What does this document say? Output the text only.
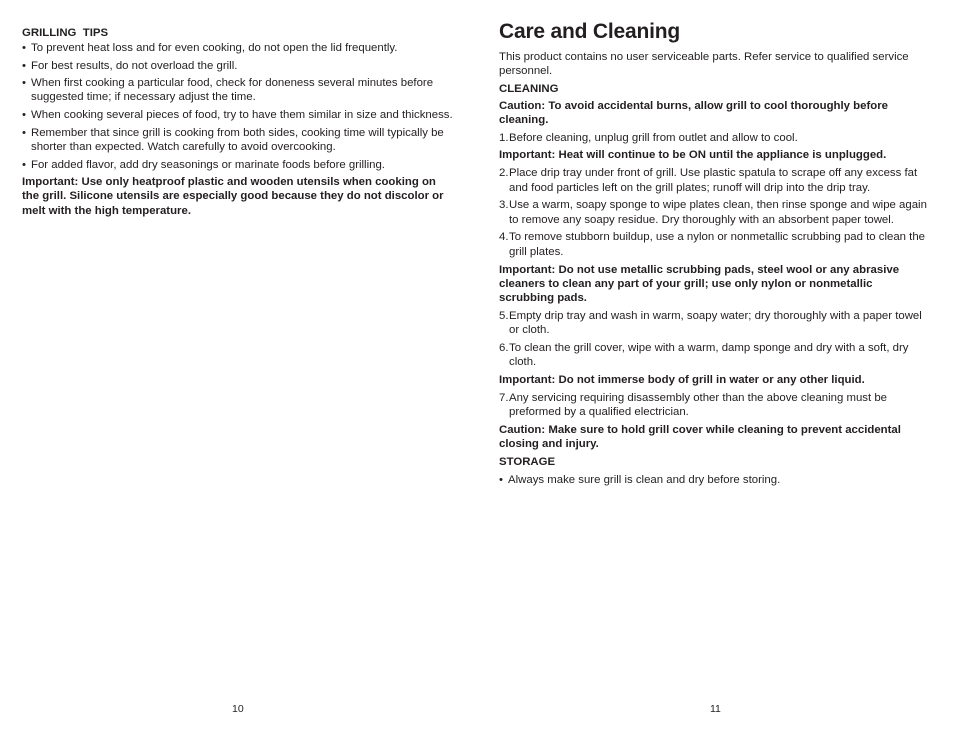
GRILLING  TIPS

• To prevent heat loss and for even cooking, do not open the lid frequently.
• For best results, do not overload the grill.
• When first cooking a particular food, check for doneness several minutes before suggested time; if necessary adjust the time.
• When cooking several pieces of food, try to have them similar in size and thickness.
• Remember that since grill is cooking from both sides, cooking time will typically be shorter than expected. Watch carefully to avoid overcooking.
• For added flavor, add dry seasonings or marinate foods before grilling.

Important: Use only heatproof plastic and wooden utensils when cooking on the grill. Silicone utensils are especially good because they do not discolor or melt with the high temperature.

10
Care and Cleaning

This product contains no user serviceable parts. Refer service to qualified service personnel.

CLEANING

Caution: To avoid accidental burns, allow grill to cool thoroughly before cleaning.

1. Before cleaning, unplug grill from outlet and allow to cool.

Important: Heat will continue to be ON until the appliance is unplugged.

2. Place drip tray under front of grill. Use plastic spatula to scrape off any excess fat and food particles left on the grill plates; runoff will drip into the drip tray.
3. Use a warm, soapy sponge to wipe plates clean, then rinse sponge and wipe again to remove any soapy residue. Dry thoroughly with an absorbent paper towel.
4. To remove stubborn buildup, use a nylon or nonmetallic scrubbing pad to clean the grill plates.

Important: Do not use metallic scrubbing pads, steel wool or any abrasive cleaners to clean any part of your grill; use only nylon or nonmetallic scrubbing pads.

5. Empty drip tray and wash in warm, soapy water; dry thoroughly with a paper towel or cloth.
6. To clean the grill cover, wipe with a warm, damp sponge and dry with a soft, dry cloth.

Important: Do not immerse body of grill in water or any other liquid.

7. Any servicing requiring disassembly other than the above cleaning must be preformed by a qualified electrician.

Caution: Make sure to hold grill cover while cleaning to prevent accidental closing and injury.

STORAGE

• Always make sure grill is clean and dry before storing.
11
